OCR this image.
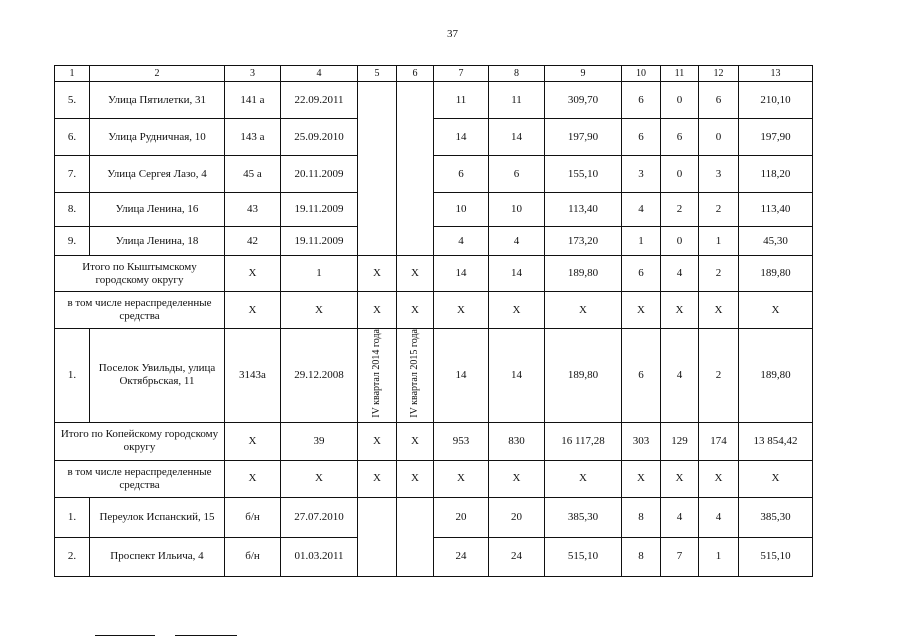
37
1	2	3	4	5	6	7	8	9	10	11	12	13
5.	Улица Пятилетки, 31	141 а	22.09.2011			11	11	309,70	6	0	6	210,10
6.	Улица Рудничная, 10	143 а	25.09.2010			14	14	197,90	6	6	0	197,90
7.	Улица Сергея Лазо, 4	45 а	20.11.2009			6	6	155,10	3	0	3	118,20
8.	Улица Ленина, 16	43	19.11.2009			10	10	113,40	4	2	2	113,40
9.	Улица Ленина, 18	42	19.11.2009			4	4	173,20	1	0	1	45,30
Итого по Кыштымскому городскому округу		Х	1	Х	Х	14	14	189,80	6	4	2	189,80
в том числе нераспределенные средства		Х	Х	Х	Х	Х	Х	Х	Х	Х	Х	Х
1.	Поселок Увильды, улица Октябрьская, 11	3143а	29.12.2008	IV квартал 2014 года	IV квартал 2015 года	14	14	189,80	6	4	2	189,80
Итого по Копейскому городскому округу		Х	39	Х	Х	953	830	16 117,28	303	129	174	13 854,42
в том числе нераспределенные средства		Х	Х	Х	Х	Х	Х	Х	Х	Х	Х	Х
1.	Переулок Испанский, 15	б/н	27.07.2010			20	20	385,30	8	4	4	385,30
2.	Проспект Ильича, 4	б/н	01.03.2011			24	24	515,10	8	7	1	515,10
